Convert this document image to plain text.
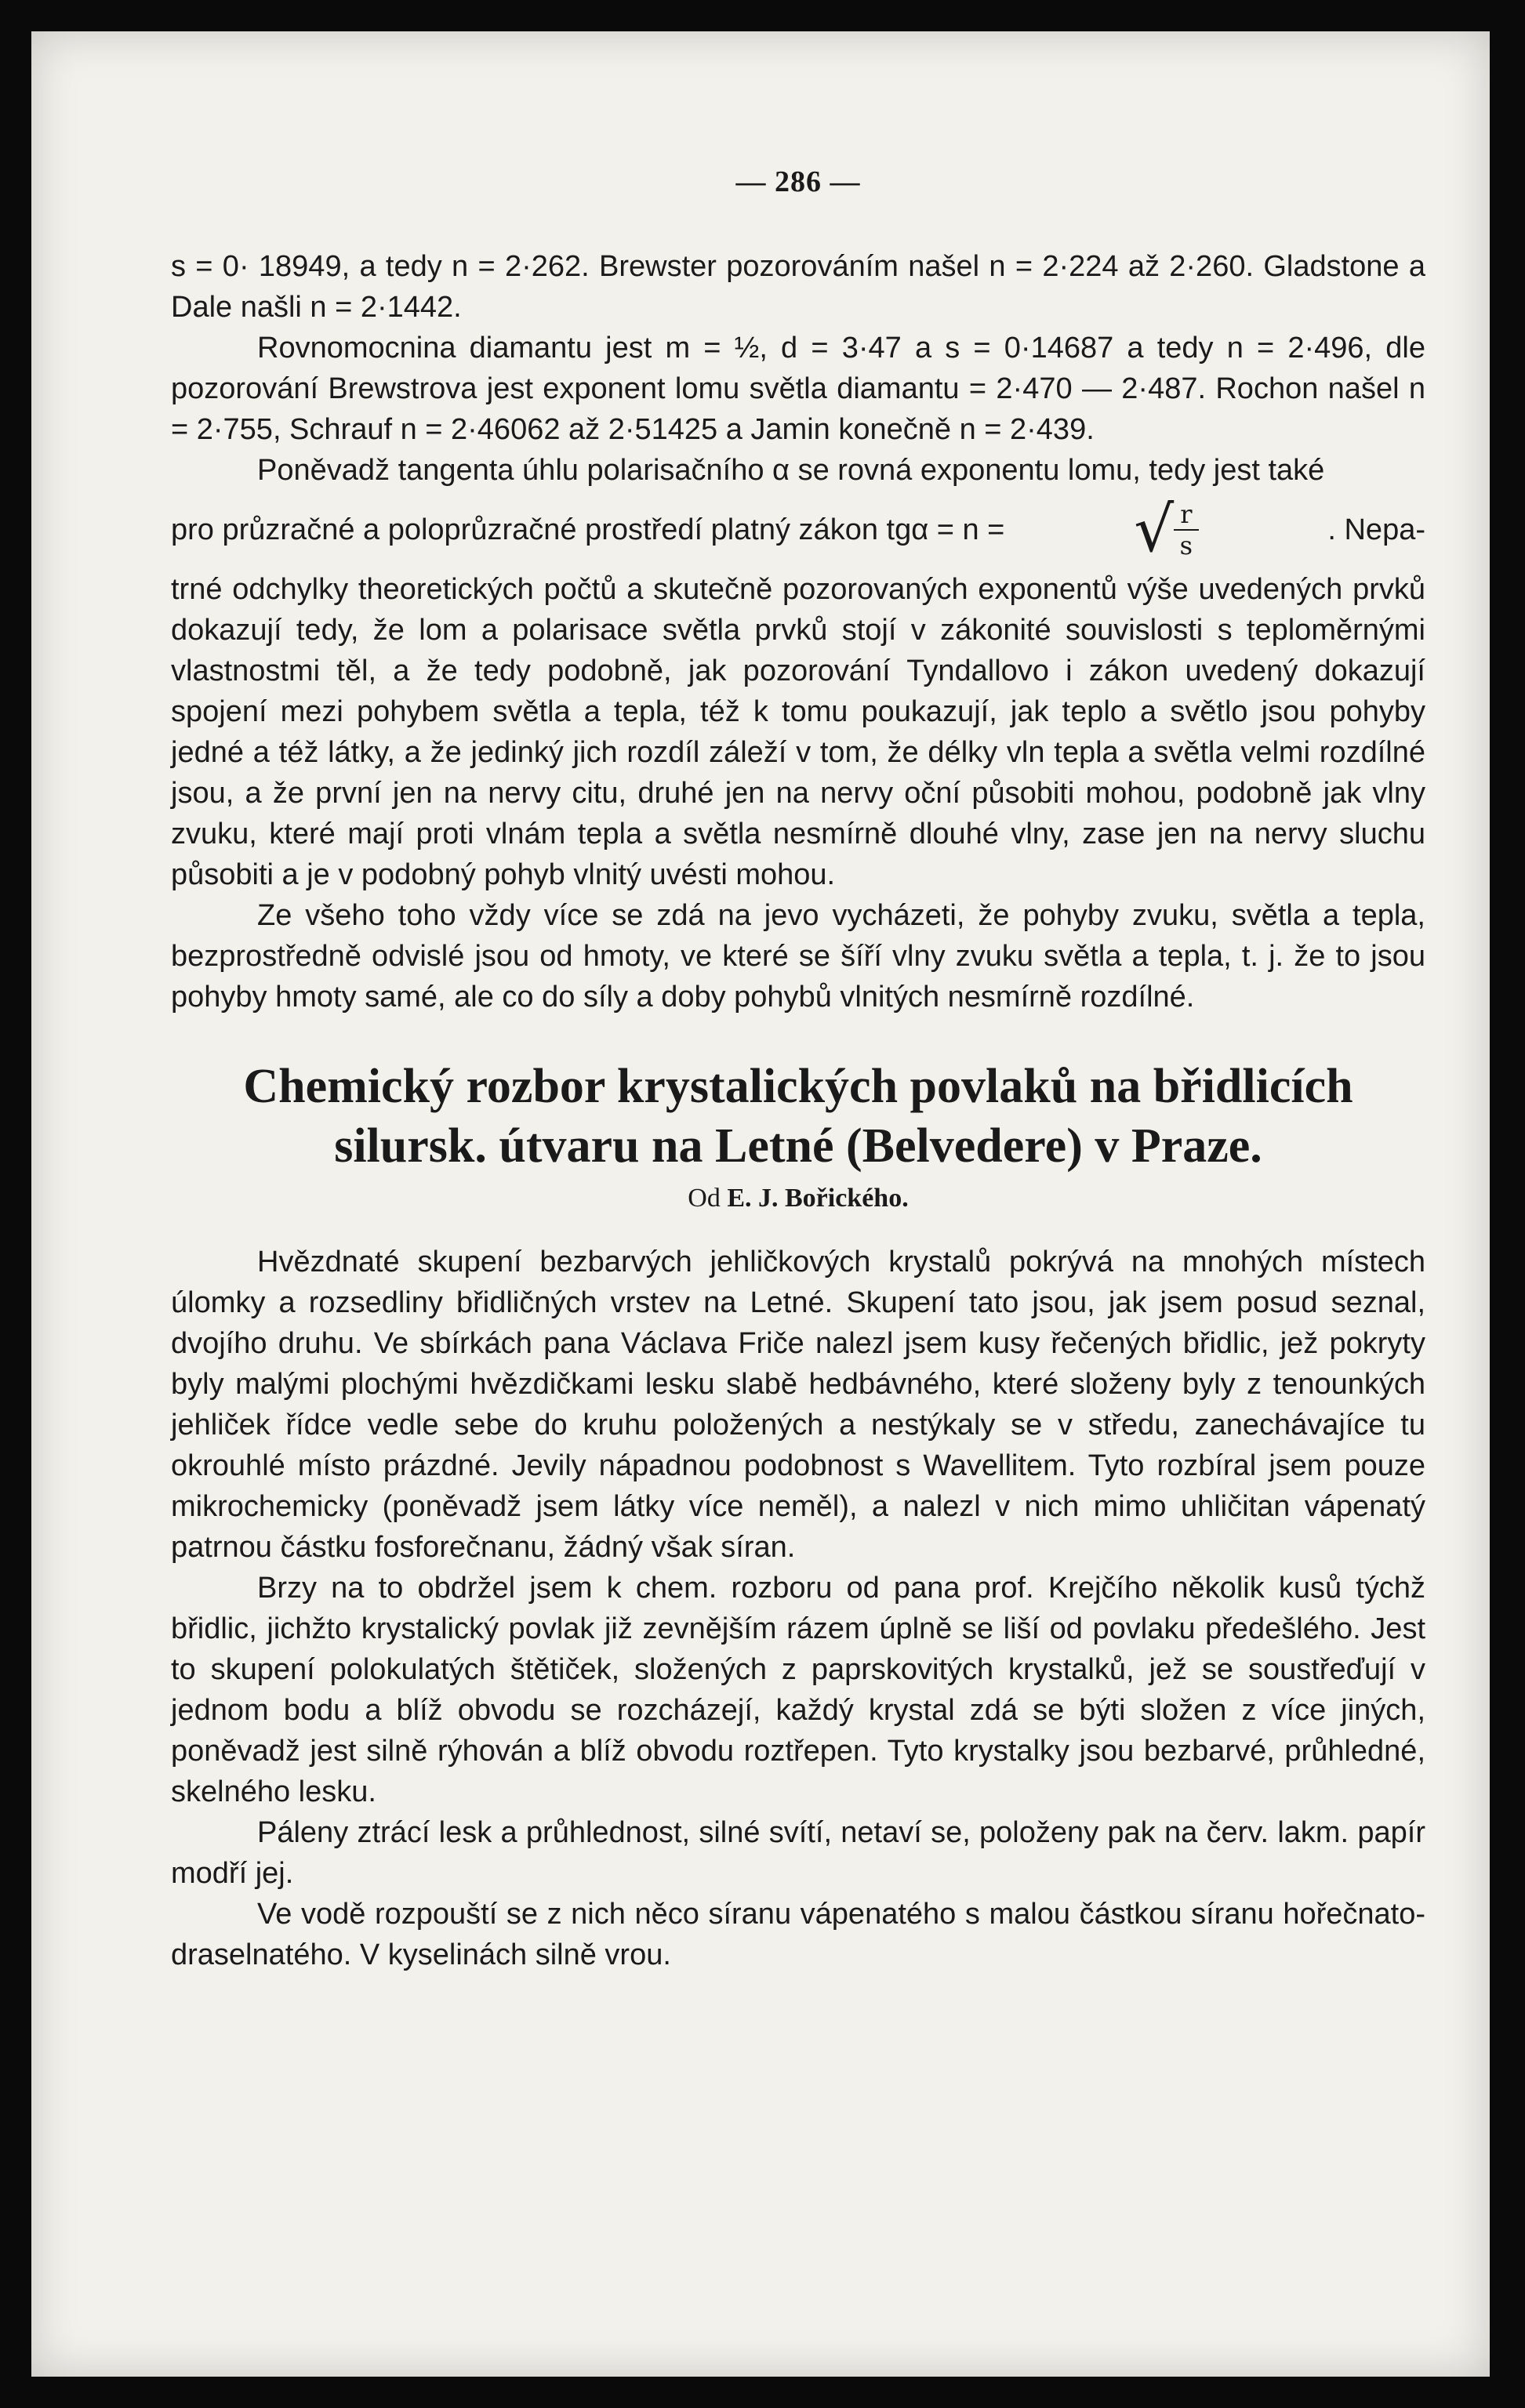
— 286 —

s = 0· 18949, a tedy n = 2·262. Brewster pozorováním našel n = 2·224 až 2·260. Gladstone a Dale našli n = 2·1442.

Rovnomocnina diamantu jest m = ½, d = 3·47 a s = 0·14687 a tedy n = 2·496, dle pozorování Brewstrova jest exponent lomu světla diamantu = 2·470 — 2·487. Rochon našel n = 2·755, Schrauf n = 2·46062 až 2·51425 a Jamin konečně n = 2·439.

Poněvadž tangenta úhlu polarisačního α se rovná exponentu lomu, tedy jest také

pro průzračné a poloprůzračné prostředí platný zákon tgα = n = √ $\frac{r}{s}$	. Nepa-

trné odchylky theoretických počtů a skutečně pozorovaných exponentů výše uvedených prvků dokazují tedy, že lom a polarisace světla prvků stojí v zákonité souvislosti s teploměrnými vlastnostmi těl, a že tedy podobně, jak pozorování Tyndallovo i zákon uvedený dokazují spojení mezi pohybem světla a tepla, též k tomu poukazují, jak teplo a světlo jsou pohyby jedné a též látky, a že jedinký jich rozdíl záleží v tom, že délky vln tepla a světla velmi rozdílné jsou, a že první jen na nervy citu, druhé jen na nervy oční působiti mohou, podobně jak vlny zvuku, které mají proti vlnám tepla a světla nesmírně dlouhé vlny, zase jen na nervy sluchu působiti a je v podobný pohyb vlnitý uvésti mohou.

Ze všeho toho vždy více se zdá na jevo vycházeti, že pohyby zvuku, světla a tepla, bezprostředně odvislé jsou od hmoty, ve které se šíří vlny zvuku světla a tepla, t. j. že to jsou pohyby hmoty samé, ale co do síly a doby pohybů vlnitých nesmírně rozdílné.

Chemický rozbor krystalických povlaků na břidlicích silursk. útvaru na Letné (Belvedere) v Praze.
Od E. J. Bořického.

Hvězdnaté skupení bezbarvých jehličkových krystalů pokrývá na mnohých místech úlomky a rozsedliny břidličných vrstev na Letné. Skupení tato jsou, jak jsem posud seznal, dvojího druhu. Ve sbírkách pana Václava Friče nalezl jsem kusy řečených břidlic, jež pokryty byly malými plochými hvězdičkami lesku slabě hedbávného, které složeny byly z tenounkých jehliček řídce vedle sebe do kruhu položených a nestýkaly se v středu, zanechávajíce tu okrouhlé místo prázdné. Jevily nápadnou podobnost s Wavellitem. Tyto rozbíral jsem pouze mikrochemicky (poněvadž jsem látky více neměl), a nalezl v nich mimo uhličitan vápenatý patrnou částku fosforečnanu, žádný však síran.

Brzy na to obdržel jsem k chem. rozboru od pana prof. Krejčího několik kusů týchž břidlic, jichžto krystalický povlak již zevnějším rázem úplně se liší od povlaku předešlého. Jest to skupení polokulatých štětiček, složených z paprskovitých krystalků, jež se soustřeďují v jednom bodu a blíž obvodu se rozcházejí, každý krystal zdá se býti složen z více jiných, poněvadž jest silně rýhován a blíž obvodu roztřepen. Tyto krystalky jsou bezbarvé, průhledné, skelného lesku.

Páleny ztrácí lesk a průhlednost, silné svítí, netaví se, položeny pak na červ. lakm. papír modří jej.

Ve vodě rozpouští se z nich něco síranu vápenatého s malou částkou síranu hořečnato-draselnatého. V kyselinách silně vrou.
